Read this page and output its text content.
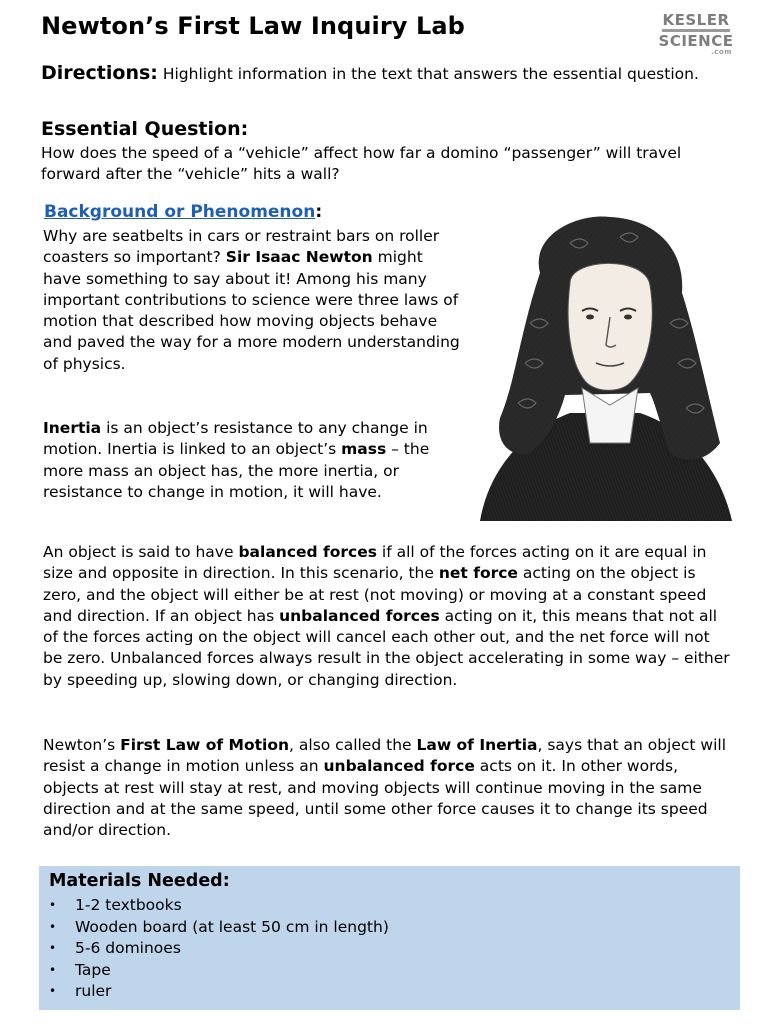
Newton’s First Law Inquiry Lab	KESLER
SCIENCE
.com
Directions: Highlight information in the text that answers the essential question.
Essential Question:
How does the speed of a “vehicle” affect how far a domino “passenger” will travel forward after the “vehicle” hits a wall?
Background or Phenomenon:
Why are seatbelts in cars or restraint bars on roller coasters so important? Sir Isaac Newton might have something to say about it! Among his many important contributions to science were three laws of motion that described how moving objects behave and paved the way for a more modern understanding of physics.
Inertia is an object’s resistance to any change in motion. Inertia is linked to an object’s mass – the more mass an object has, the more inertia, or resistance to change in motion, it will have.
An object is said to have balanced forces if all of the forces acting on it are equal in size and opposite in direction. In this scenario, the net force acting on the object is zero, and the object will either be at rest (not moving) or moving at a constant speed and direction. If an object has unbalanced forces acting on it, this means that not all of the forces acting on the object will cancel each other out, and the net force will not be zero. Unbalanced forces always result in the object accelerating in some way – either by speeding up, slowing down, or changing direction.
Newton’s First Law of Motion, also called the Law of Inertia, says that an object will resist a change in motion unless an unbalanced force acts on it. In other words, objects at rest will stay at rest, and moving objects will continue moving in the same direction and at the same speed, until some other force causes it to change its speed and/or direction.
Materials Needed:
• 1-2 textbooks
• Wooden board (at least 50 cm in length)
• 5-6 dominoes
• Tape
• ruler
